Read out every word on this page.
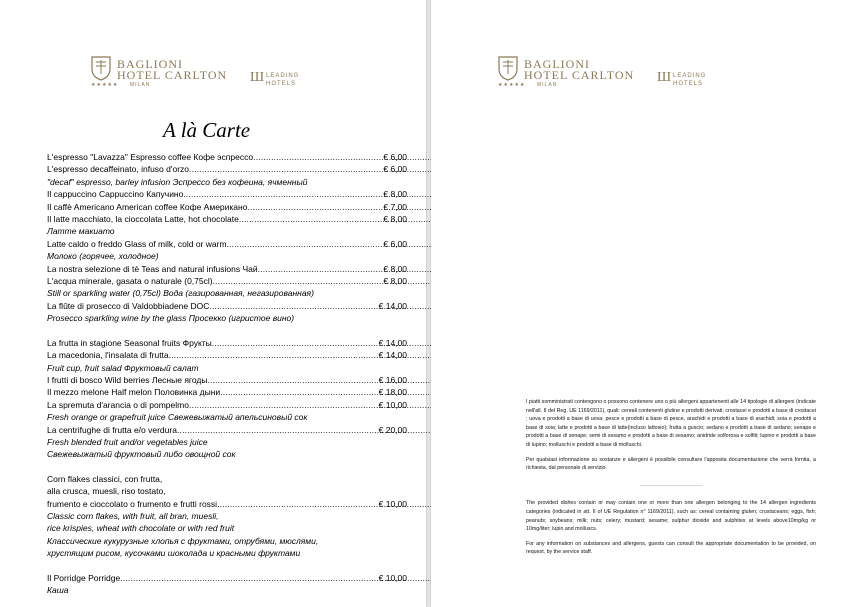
BAGLIONI
HOTEL CARLTON
★★★★★ MILAN	Ш LEADING
HOTELS
A là Carte
L'espresso "Lavazza" Espresso coffee Кофе эспрессо .....	€ 6,00
L'espresso decaffeinato, infuso d'orzo .....	€ 6,00
"decaf" espresso, barley infusion Эспрессо без кофеина, ячменный
Il cappuccino Cappuccino Капучино .....	€ 8,00
Il caffè Americano American coffee Кофе Американо .....	€ 7,00
Il latte macchiato, la cioccolata Latte, hot chocolate .....	€ 8,00
Латте макиато
Latte caldo o freddo Glass of milk, cold or warm .....	€ 6,00
Молоко (горячее, холодное)
La nostra selezione di tè Teas and natural infusions Чай .....	€ 8,00
L'acqua minerale, gasata o naturale (0,75cl) .....	€ 8,00
Still or sparkling water (0,75cl) Вода (газированная, негазированная)
La flûte di prosecco di Valdobbiadene DOC .....	€ 14,00
Prosecco sparkling wine by the glass Просекко (игристое вино)
La frutta in stagione Seasonal fruits Фрукты .....	€ 14,00
La macedonia, l'insalata di frutta .....	€ 14,00
Fruit cup, fruit salad Фруктовый салат
I frutti di bosco Wild berries Лесные ягоды .....	€ 16,00
Il mezzo melone Half melon Половинка дыни .....	€ 18,00
La spremuta d'arancia o di pompelmo .....	€ 10,00
Fresh orange or grapefruit juice Свежевыжатый апельсиновый сок
La centrifughe di frutta e/o verdura .....	€ 20,00
Fresh blended fruit and/or vegetables juice
Свежевыжатый фруктовый либо овощной сок
Corn flakes classici, con frutta,
alla crusca, muesli, riso tostato,
frumento e cioccolato o frumento e frutti rossi .....	€ 10,00
Classic corn flakes, with fruit, all bran, muesli,
rice krispies, wheat with chocolate or with red fruit
Классические кукурузные хлопья с фруктами, отрубями, мюслями,
хрустящим рисом, кусочками шоколада и красными фруктами
Il Porridge Porridge .....	€ 10,00
Каша
BAGLIONI
HOTEL CARLTON
★★★★★ MILAN	Ш LEADING
HOTELS

I piatti somministrati contengono o possono contenere uno o più allergeni appartenenti alle 14 tipologie di allergeni (indicate nell'all. II del Reg. UE 1169/2011), quali: cereali contenenti glutine e prodotti derivati; crostacei e prodotti a base di crostacei ; uova e prodotti a base di uova; pesce e prodotti a base di pesce, arachidi e prodotti a base di arachidi; soia e prodotti a base di soia; latte e prodotti a base di latte(incluso lattosio); frutta a guscio; sedano e prodotti a base di sedano; senape e prodotti a base di senape; semi di sesamo e prodotti a base di sesamo; anidride solforosa e solfiti; lupino e prodotti a base di lupino; molluschi e prodotti a base di molluschi.

Per qualsiasi informazione su sostanze e allergeni è possibile consultare l'apposita documentazione che verrà fornita, a richiesta, dal personale di servizio.

-----------------------------------------------

The provided dishes contain or may contain one or more than one allergen belonging to the 14 allergen ingredients categories (indicated in att. II of UE Regulation n° 1169/2011), such as: cereal containing gluten; crustaceans; eggs, fish; peanuts; soybeans; milk; nuts; celery; mustard; sesame; sulphur dioxide and sulphites at levels above10mg/kg or 10mg/liter; lupin and molluscs.

For any information on substances and allergens, guests can consult the appropriate documentation to be provided, on request, by the service staff.
